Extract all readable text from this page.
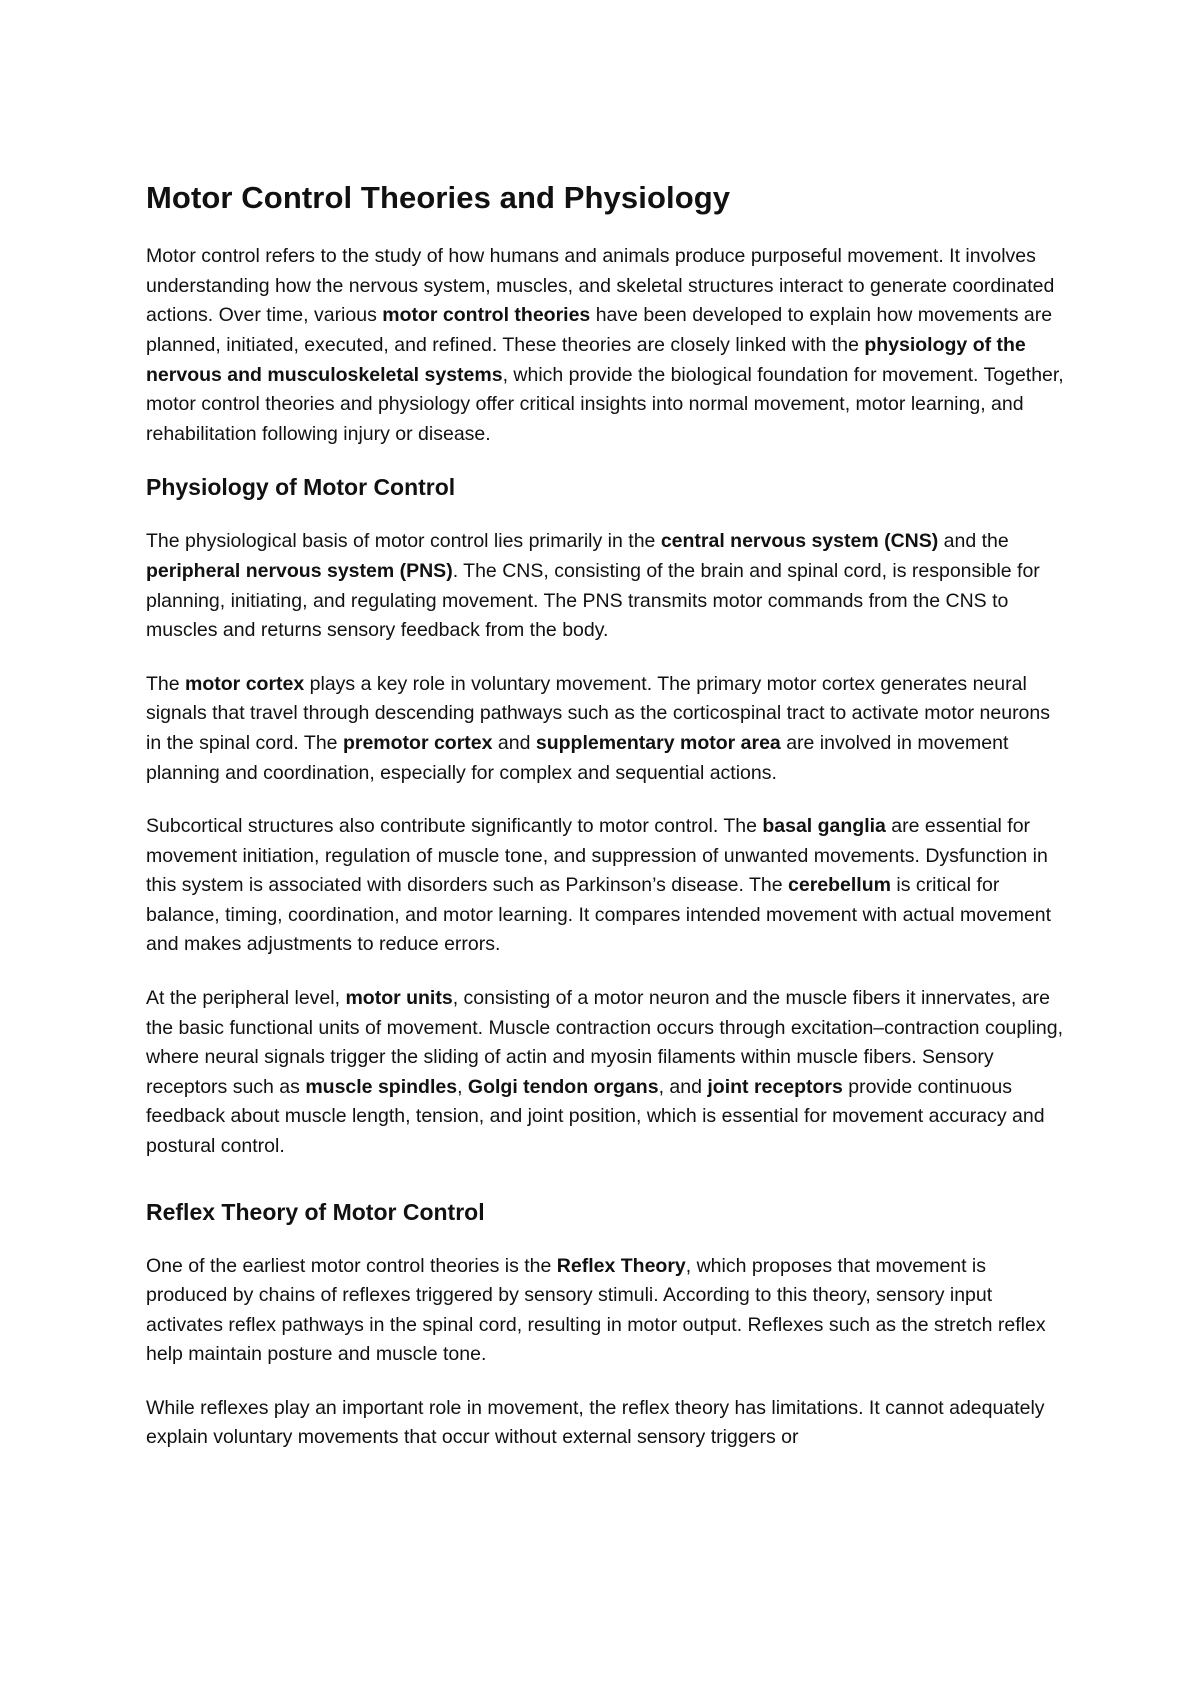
Motor Control Theories and Physiology

Motor control refers to the study of how humans and animals produce purposeful movement. It involves understanding how the nervous system, muscles, and skeletal structures interact to generate coordinated actions. Over time, various motor control theories have been developed to explain how movements are planned, initiated, executed, and refined. These theories are closely linked with the physiology of the nervous and musculoskeletal systems, which provide the biological foundation for movement. Together, motor control theories and physiology offer critical insights into normal movement, motor learning, and rehabilitation following injury or disease.

Physiology of Motor Control

The physiological basis of motor control lies primarily in the central nervous system (CNS) and the peripheral nervous system (PNS). The CNS, consisting of the brain and spinal cord, is responsible for planning, initiating, and regulating movement. The PNS transmits motor commands from the CNS to muscles and returns sensory feedback from the body.

The motor cortex plays a key role in voluntary movement. The primary motor cortex generates neural signals that travel through descending pathways such as the corticospinal tract to activate motor neurons in the spinal cord. The premotor cortex and supplementary motor area are involved in movement planning and coordination, especially for complex and sequential actions.

Subcortical structures also contribute significantly to motor control. The basal ganglia are essential for movement initiation, regulation of muscle tone, and suppression of unwanted movements. Dysfunction in this system is associated with disorders such as Parkinson’s disease. The cerebellum is critical for balance, timing, coordination, and motor learning. It compares intended movement with actual movement and makes adjustments to reduce errors.

At the peripheral level, motor units, consisting of a motor neuron and the muscle fibers it innervates, are the basic functional units of movement. Muscle contraction occurs through excitation–contraction coupling, where neural signals trigger the sliding of actin and myosin filaments within muscle fibers. Sensory receptors such as muscle spindles, Golgi tendon organs, and joint receptors provide continuous feedback about muscle length, tension, and joint position, which is essential for movement accuracy and postural control.

Reflex Theory of Motor Control

One of the earliest motor control theories is the Reflex Theory, which proposes that movement is produced by chains of reflexes triggered by sensory stimuli. According to this theory, sensory input activates reflex pathways in the spinal cord, resulting in motor output. Reflexes such as the stretch reflex help maintain posture and muscle tone.

While reflexes play an important role in movement, the reflex theory has limitations. It cannot adequately explain voluntary movements that occur without external sensory triggers or
